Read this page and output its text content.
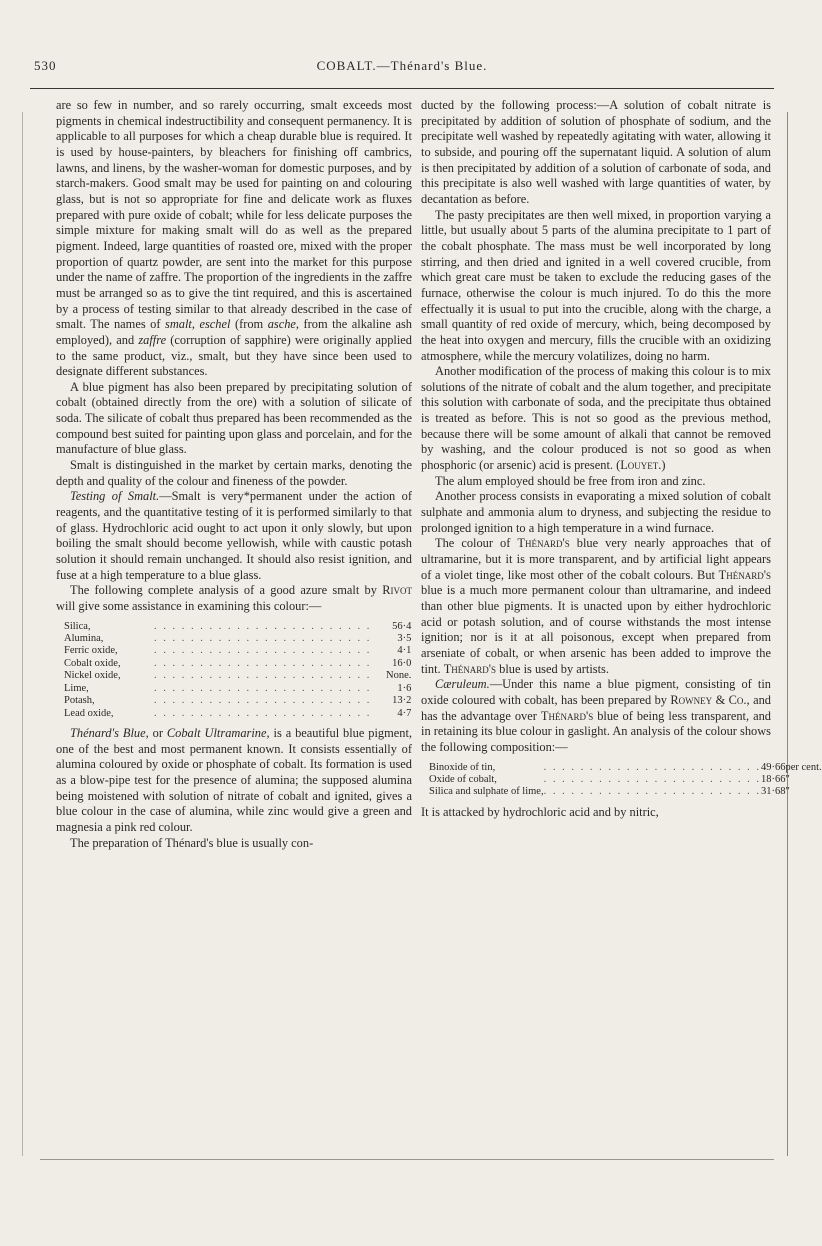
530	COBALT.—Thénard's Blue.

are so few in number, and so rarely occurring, smalt exceeds most pigments in chemical indestructibility and consequent permanency. It is applicable to all purposes for which a cheap durable blue is required. It is used by house-painters, by bleachers for finishing off cambrics, lawns, and linens, by the washer-woman for domestic purposes, and by starch-makers. Good smalt may be used for painting on and colouring glass, but is not so appropriate for fine and delicate work as fluxes prepared with pure oxide of cobalt; while for less delicate purposes the simple mixture for making smalt will do as well as the prepared pigment. Indeed, large quantities of roasted ore, mixed with the proper proportion of quartz powder, are sent into the market for this purpose under the name of zaffre. The proportion of the ingredients in the zaffre must be arranged so as to give the tint required, and this is ascertained by a process of testing similar to that already described in the case of smalt. The names of smalt, eschel (from asche, from the alkaline ash employed), and zaffre (corruption of sapphire) were originally applied to the same product, viz., smalt, but they have since been used to designate different substances.

A blue pigment has also been prepared by precipitating solution of cobalt (obtained directly from the ore) with a solution of silicate of soda. The silicate of cobalt thus prepared has been recommended as the compound best suited for painting upon glass and porcelain, and for the manufacture of blue glass.

Smalt is distinguished in the market by certain marks, denoting the depth and quality of the colour and fineness of the powder.

Testing of Smalt.—Smalt is very*permanent under the action of reagents, and the quantitative testing of it is performed similarly to that of glass. Hydrochloric acid ought to act upon it only slowly, but upon boiling the smalt should become yellowish, while with caustic potash solution it should remain unchanged. It should also resist ignition, and fuse at a high temperature to a blue glass.

The following complete analysis of a good azure smalt by Rivot will give some assistance in examining this colour:—

Silica,	. . . . . . . . . . . . . . . . . . . . . . . .	56·4
Alumina,	. . . . . . . . . . . . . . . . . . . . . . . .	3·5
Ferric oxide,	. . . . . . . . . . . . . . . . . . . . . . . .	4·1
Cobalt oxide,	. . . . . . . . . . . . . . . . . . . . . . . .	16·0
Nickel oxide,	. . . . . . . . . . . . . . . . . . . . . . . .	None.
Lime,	. . . . . . . . . . . . . . . . . . . . . . . .	1·6
Potash,	. . . . . . . . . . . . . . . . . . . . . . . .	13·2
Lead oxide,	. . . . . . . . . . . . . . . . . . . . . . . .	4·7

Thénard's Blue, or Cobalt Ultramarine, is a beautiful blue pigment, one of the best and most permanent known. It consists essentially of alumina coloured by oxide or phosphate of cobalt. Its formation is used as a blow-pipe test for the presence of alumina; the supposed alumina being moistened with solution of nitrate of cobalt and ignited, gives a blue colour in the case of alumina, while zinc would give a green and magnesia a pink red colour.

The preparation of Thénard's blue is usually con-

ducted by the following process:—A solution of cobalt nitrate is precipitated by addition of solution of phosphate of sodium, and the precipitate well washed by repeatedly agitating with water, allowing it to subside, and pouring off the supernatant liquid. A solution of alum is then precipitated by addition of a solution of carbonate of soda, and this precipitate is also well washed with large quantities of water, by decantation as before.

The pasty precipitates are then well mixed, in proportion varying a little, but usually about 5 parts of the alumina precipitate to 1 part of the cobalt phosphate. The mass must be well incorporated by long stirring, and then dried and ignited in a well covered crucible, from which great care must be taken to exclude the reducing gases of the furnace, otherwise the colour is much injured. To do this the more effectually it is usual to put into the crucible, along with the charge, a small quantity of red oxide of mercury, which, being decomposed by the heat into oxygen and mercury, fills the crucible with an oxidizing atmosphere, while the mercury volatilizes, doing no harm.

Another modification of the process of making this colour is to mix solutions of the nitrate of cobalt and the alum together, and precipitate this solution with carbonate of soda, and the precipitate thus obtained is treated as before. This is not so good as the previous method, because there will be some amount of alkali that cannot be removed by washing, and the colour produced is not so good as when phosphoric (or arsenic) acid is present. (Louyet.)

The alum employed should be free from iron and zinc.

Another process consists in evaporating a mixed solution of cobalt sulphate and ammonia alum to dryness, and subjecting the residue to prolonged ignition to a high temperature in a wind furnace.

The colour of Thénard's blue very nearly approaches that of ultramarine, but it is more transparent, and by artificial light appears of a violet tinge, like most other of the cobalt colours. But Thénard's blue is a much more permanent colour than ultramarine, and indeed than other blue pigments. It is unacted upon by either hydrochloric acid or potash solution, and of course withstands the most intense ignition; nor is it at all poisonous, except when prepared from arseniate of cobalt, or when arsenic has been added to improve the tint. Thénard's blue is used by artists.

Cæruleum.—Under this name a blue pigment, consisting of tin oxide coloured with cobalt, has been prepared by Rowney & Co., and has the advantage over Thénard's blue of being less transparent, and in retaining its blue colour in gaslight. An analysis of the colour shows the following composition:—

Binoxide of tin,	. . . . . . . . . . . . . . . . . . . . . . . .	49·66	per cent.
Oxide of cobalt,	. . . . . . . . . . . . . . . . . . . . . . . .	18·66	"
Silica and sulphate of lime,	. . . . . . . . . . . . . . . . . . . . . . . .	31·68	"

It is attacked by hydrochloric acid and by nitric,
